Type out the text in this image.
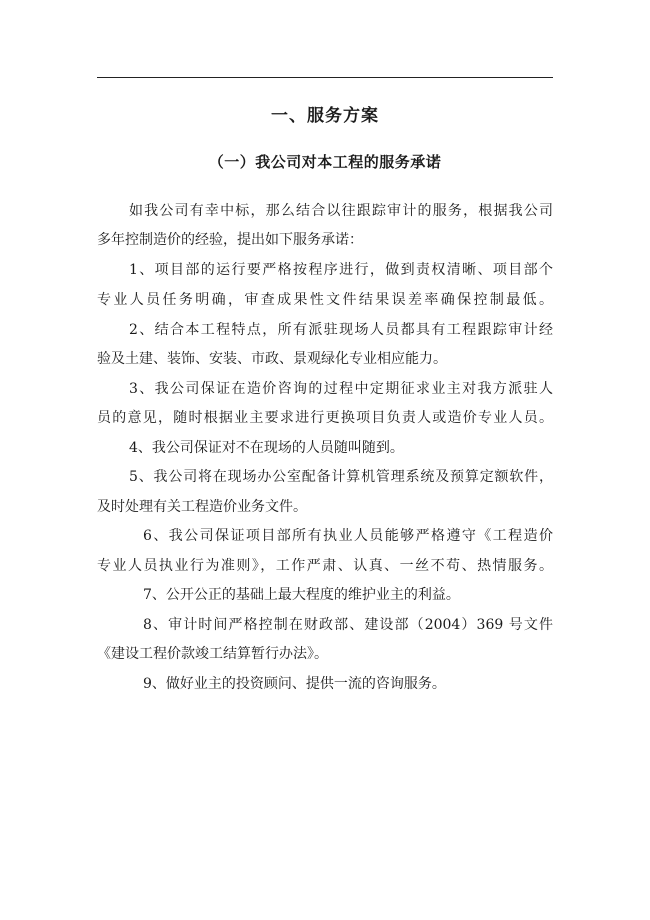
一、服务方案
（一）我公司对本工程的服务承诺
如我公司有幸中标，那么结合以往跟踪审计的服务，根据我公司
多年控制造价的经验，提出如下服务承诺：
1、项目部的运行要严格按程序进行，做到责权清晰、项目部个
专业人员任务明确，审查成果性文件结果误差率确保控制最低。
2、结合本工程特点，所有派驻现场人员都具有工程跟踪审计经
验及土建、装饰、安装、市政、景观绿化专业相应能力。
3、我公司保证在造价咨询的过程中定期征求业主对我方派驻人
员的意见，随时根据业主要求进行更换项目负责人或造价专业人员。
4、我公司保证对不在现场的人员随叫随到。
5、我公司将在现场办公室配备计算机管理系统及预算定额软件，
及时处理有关工程造价业务文件。
6、我公司保证项目部所有执业人员能够严格遵守《工程造价
专业人员执业行为准则》，工作严肃、认真、一丝不苟、热情服务。
7、公开公正的基础上最大程度的维护业主的利益。
8、审计时间严格控制在财政部、建设部（2004）369 号文件
《建设工程价款竣工结算暂行办法》。
9、做好业主的投资顾问、提供一流的咨询服务。
